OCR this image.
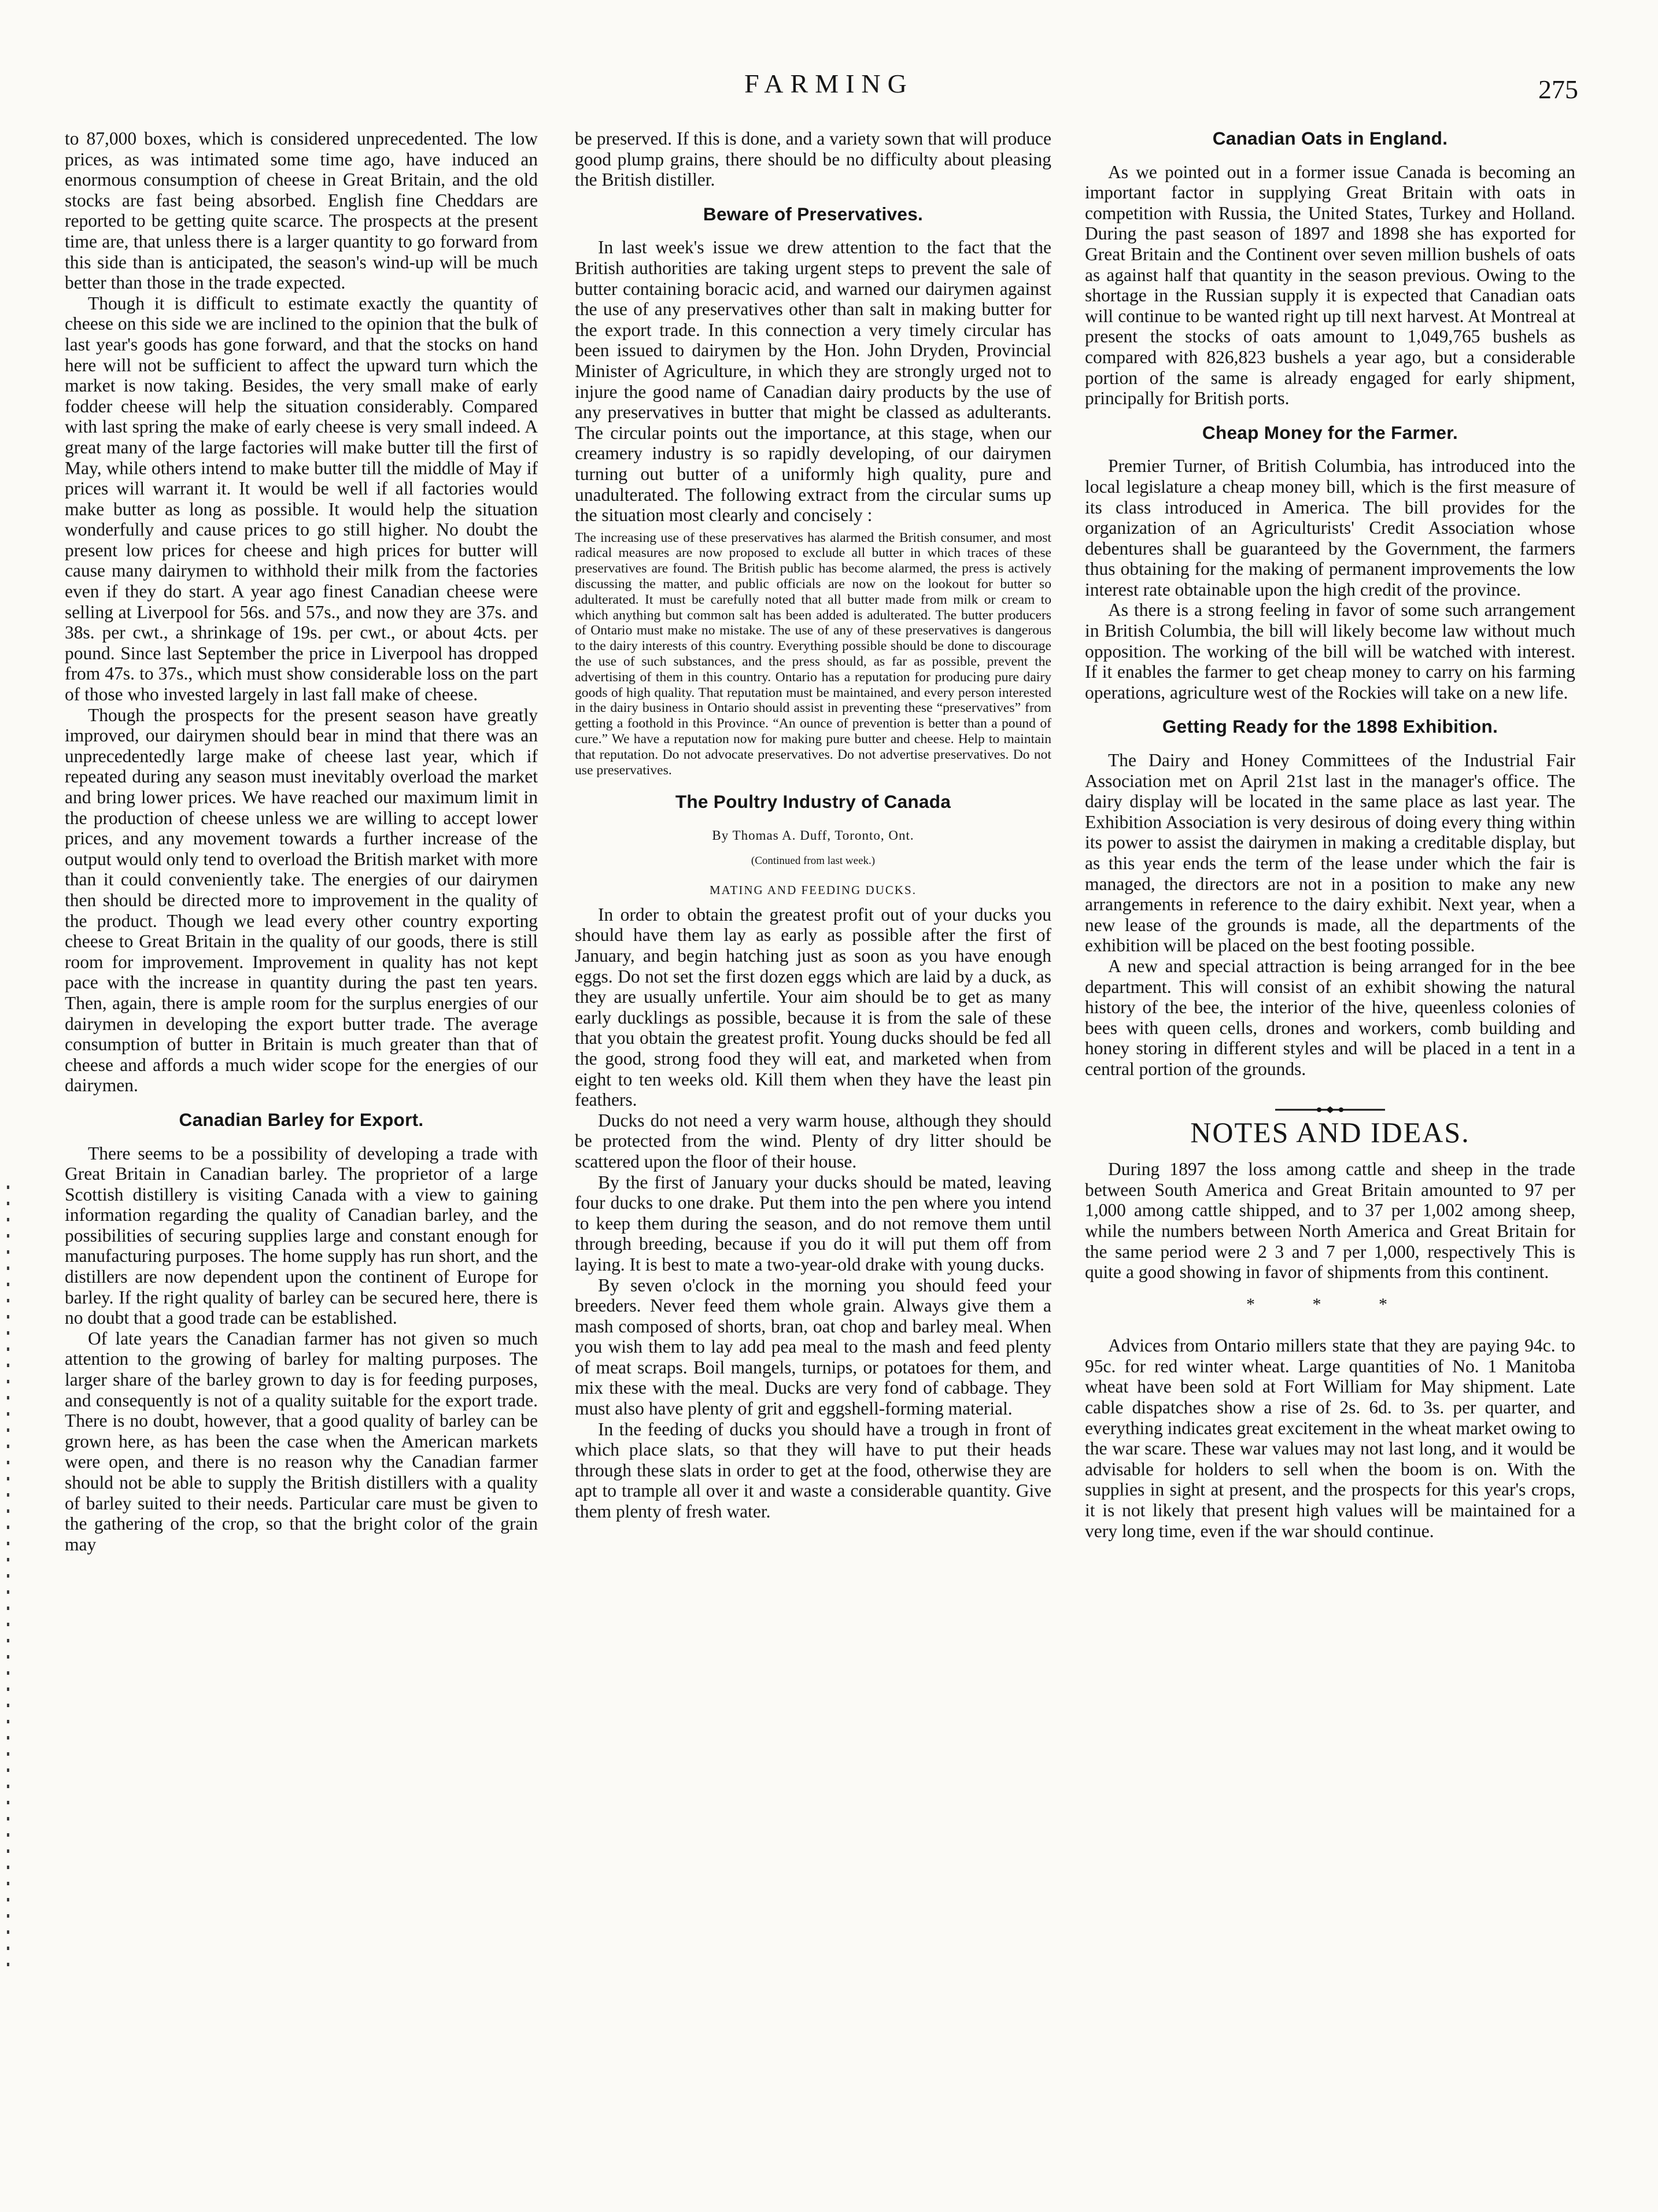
FARMING	275

to 87,000 boxes, which is considered unprecedented. The low prices, as was intimated some time ago, have induced an enormous consumption of cheese in Great Britain, and the old stocks are fast being absorbed. English fine Cheddars are reported to be getting quite scarce. The prospects at the present time are, that unless there is a larger quantity to go forward from this side than is anticipated, the season's wind-up will be much better than those in the trade expected.

Though it is difficult to estimate exactly the quantity of cheese on this side we are inclined to the opinion that the bulk of last year's goods has gone forward, and that the stocks on hand here will not be sufficient to affect the upward turn which the market is now taking. Besides, the very small make of early fodder cheese will help the situation considerably. Compared with last spring the make of early cheese is very small indeed. A great many of the large factories will make butter till the first of May, while others intend to make butter till the middle of May if prices will warrant it. It would be well if all factories would make butter as long as possible. It would help the situation wonderfully and cause prices to go still higher. No doubt the present low prices for cheese and high prices for butter will cause many dairymen to withhold their milk from the factories even if they do start. A year ago finest Canadian cheese were selling at Liverpool for 56s. and 57s., and now they are 37s. and 38s. per cwt., a shrinkage of 19s. per cwt., or about 4cts. per pound. Since last September the price in Liverpool has dropped from 47s. to 37s., which must show considerable loss on the part of those who invested largely in last fall make of cheese.

Though the prospects for the present season have greatly improved, our dairymen should bear in mind that there was an unprecedentedly large make of cheese last year, which if repeated during any season must inevitably overload the market and bring lower prices. We have reached our maximum limit in the production of cheese unless we are willing to accept lower prices, and any movement towards a further increase of the output would only tend to overload the British market with more than it could conveniently take. The energies of our dairymen then should be directed more to improvement in the quality of the product. Though we lead every other country exporting cheese to Great Britain in the quality of our goods, there is still room for improvement. Improvement in quality has not kept pace with the increase in quantity during the past ten years. Then, again, there is ample room for the surplus energies of our dairymen in developing the export butter trade. The average consumption of butter in Britain is much greater than that of cheese and affords a much wider scope for the energies of our dairymen.

Canadian Barley for Export.

There seems to be a possibility of developing a trade with Great Britain in Canadian barley. The proprietor of a large Scottish distillery is visiting Canada with a view to gaining information regarding the quality of Canadian barley, and the possibilities of securing supplies large and constant enough for manufacturing purposes. The home supply has run short, and the distillers are now dependent upon the continent of Europe for barley. If the right quality of barley can be secured here, there is no doubt that a good trade can be established.

Of late years the Canadian farmer has not given so much attention to the growing of barley for malting purposes. The larger share of the barley grown to day is for feeding purposes, and consequently is not of a quality suitable for the export trade. There is no doubt, however, that a good quality of barley can be grown here, as has been the case when the American markets were open, and there is no reason why the Canadian farmer should not be able to supply the British distillers with a quality of barley suited to their needs. Particular care must be given to the gathering of the crop, so that the bright color of the grain may

be preserved. If this is done, and a variety sown that will produce good plump grains, there should be no difficulty about pleasing the British distiller.

Beware of Preservatives.

In last week's issue we drew attention to the fact that the British authorities are taking urgent steps to prevent the sale of butter containing boracic acid, and warned our dairymen against the use of any preservatives other than salt in making butter for the export trade. In this connection a very timely circular has been issued to dairymen by the Hon. John Dryden, Provincial Minister of Agriculture, in which they are strongly urged not to injure the good name of Canadian dairy products by the use of any preservatives in butter that might be classed as adulterants. The circular points out the importance, at this stage, when our creamery industry is so rapidly developing, of our dairymen turning out butter of a uniformly high quality, pure and unadulterated. The following extract from the circular sums up the situation most clearly and concisely :

The increasing use of these preservatives has alarmed the British consumer, and most radical measures are now proposed to exclude all butter in which traces of these preservatives are found. The British public has become alarmed, the press is actively discussing the matter, and public officials are now on the lookout for butter so adulterated. It must be carefully noted that all butter made from milk or cream to which anything but common salt has been added is adulterated. The butter producers of Ontario must make no mistake. The use of any of these preservatives is dangerous to the dairy interests of this country. Everything possible should be done to discourage the use of such substances, and the press should, as far as possible, prevent the advertising of them in this country. Ontario has a reputation for producing pure dairy goods of high quality. That reputation must be maintained, and every person interested in the dairy business in Ontario should assist in preventing these “preservatives” from getting a foothold in this Province. “An ounce of prevention is better than a pound of cure.” We have a reputation now for making pure butter and cheese. Help to maintain that reputation. Do not advocate preservatives. Do not advertise preservatives. Do not use preservatives.

The Poultry Industry of Canada
By Thomas A. Duff, Toronto, Ont.
(Continued from last week.)
MATING AND FEEDING DUCKS.

In order to obtain the greatest profit out of your ducks you should have them lay as early as possible after the first of January, and begin hatching just as soon as you have enough eggs. Do not set the first dozen eggs which are laid by a duck, as they are usually unfertile. Your aim should be to get as many early ducklings as possible, because it is from the sale of these that you obtain the greatest profit. Young ducks should be fed all the good, strong food they will eat, and marketed when from eight to ten weeks old. Kill them when they have the least pin feathers.

Ducks do not need a very warm house, although they should be protected from the wind. Plenty of dry litter should be scattered upon the floor of their house.

By the first of January your ducks should be mated, leaving four ducks to one drake. Put them into the pen where you intend to keep them during the season, and do not remove them until through breeding, because if you do it will put them off from laying. It is best to mate a two-year-old drake with young ducks.

By seven o'clock in the morning you should feed your breeders. Never feed them whole grain. Always give them a mash composed of shorts, bran, oat chop and barley meal. When you wish them to lay add pea meal to the mash and feed plenty of meat scraps. Boil mangels, turnips, or potatoes for them, and mix these with the meal. Ducks are very fond of cabbage. They must also have plenty of grit and eggshell-forming material.

In the feeding of ducks you should have a trough in front of which place slats, so that they will have to put their heads through these slats in order to get at the food, otherwise they are apt to trample all over it and waste a considerable quantity. Give them plenty of fresh water.

Canadian Oats in England.

As we pointed out in a former issue Canada is becoming an important factor in supplying Great Britain with oats in competition with Russia, the United States, Turkey and Holland. During the past season of 1897 and 1898 she has exported for Great Britain and the Continent over seven million bushels of oats as against half that quantity in the season previous. Owing to the shortage in the Russian supply it is expected that Canadian oats will continue to be wanted right up till next harvest. At Montreal at present the stocks of oats amount to 1,049,765 bushels as compared with 826,823 bushels a year ago, but a considerable portion of the same is already engaged for early shipment, principally for British ports.

Cheap Money for the Farmer.

Premier Turner, of British Columbia, has introduced into the local legislature a cheap money bill, which is the first measure of its class introduced in America. The bill provides for the organization of an Agriculturists' Credit Association whose debentures shall be guaranteed by the Government, the farmers thus obtaining for the making of permanent improvements the low interest rate obtainable upon the high credit of the province.

As there is a strong feeling in favor of some such arrangement in British Columbia, the bill will likely become law without much opposition. The working of the bill will be watched with interest. If it enables the farmer to get cheap money to carry on his farming operations, agriculture west of the Rockies will take on a new life.

Getting Ready for the 1898 Exhibition.

The Dairy and Honey Committees of the Industrial Fair Association met on April 21st last in the manager's office. The dairy display will be located in the same place as last year. The Exhibition Association is very desirous of doing every thing within its power to assist the dairymen in making a creditable display, but as this year ends the term of the lease under which the fair is managed, the directors are not in a position to make any new arrangements in reference to the dairy exhibit. Next year, when a new lease of the grounds is made, all the departments of the exhibition will be placed on the best footing possible.

A new and special attraction is being arranged for in the bee department. This will consist of an exhibit showing the natural history of the bee, the interior of the hive, queenless colonies of bees with queen cells, drones and workers, comb building and honey storing in different styles and will be placed in a tent in a central portion of the grounds.

NOTES AND IDEAS.

During 1897 the loss among cattle and sheep in the trade between South America and Great Britain amounted to 97 per 1,000 among cattle shipped, and to 37 per 1,002 among sheep, while the numbers between North America and Great Britain for the same period were 2 3 and 7 per 1,000, respectively This is quite a good showing in favor of shipments from this continent.

* * *

Advices from Ontario millers state that they are paying 94c. to 95c. for red winter wheat. Large quantities of No. 1 Manitoba wheat have been sold at Fort William for May shipment. Late cable dispatches show a rise of 2s. 6d. to 3s. per quarter, and everything indicates great excitement in the wheat market owing to the war scare. These war values may not last long, and it would be advisable for holders to sell when the boom is on. With the supplies in sight at present, and the prospects for this year's crops, it is not likely that present high values will be maintained for a very long time, even if the war should continue.
